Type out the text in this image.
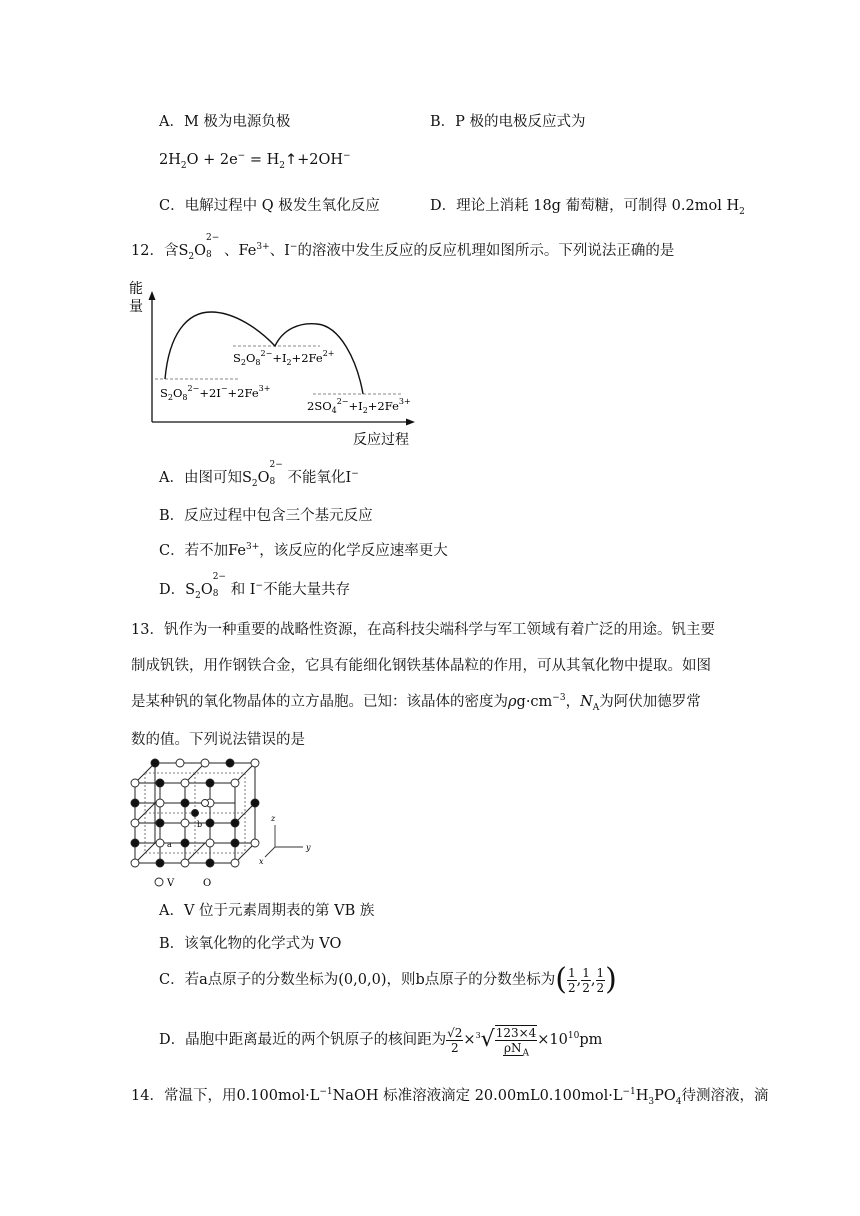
A．M 极为电源负极	B．P 极的电极反应式为
$2H_2O + 2e^-$ = $H_2↑+2OH^-$
C．电解过程中 Q 极发生氧化反应	D．理论上消耗 18g 葡萄糖，可制得 0.2mol $H_2$
12．含$S_2O$
2−
8 、$Fe^{3+}$、I−的溶液中发生反应的反应机理如图所示。下列说法正确的是
能
量
反应过程
$S_2O_8^{2-}+I_2+2Fe^{2+}$
$S_2O_8^{2-}+2I^-+2Fe^{3+}$
$2SO_4^{2-}+I_2+2Fe^{3+}$
A．由图可知$S_2O$
2−
8 不能氧化I−
B．反应过程中包含三个基元反应
C．若不加$Fe^{3+}$，该反应的化学反应速率更大
D．$S_2O$
2−
8 和 I−不能大量共存
13．钒作为一种重要的战略性资源，在高科技尖端科学与军工领域有着广泛的用途。钒主要
制成钒铁，用作钢铁合金，它具有能细化钢铁基体晶粒的作用，可从其氧化物中提取。如图
是某种钒的氧化物晶体的立方晶胞。已知：该晶体的密度为$\rho g\cdot cm^{-3}$，$N_A$为阿伏加德罗常
数的值。下列说法错误的是
b
a
z
y
x
V	O
A．V 位于元素周期表的第 VB 族
B．该氧化物的化学式为 VO
C．若a点原子的分数坐标为(0,0,0)，则b点原子的分数坐标为( $\frac{1}{2}$ , $\frac{1}{2}$ , $\frac{1}{2}$ )
D．晶胞中距离最近的两个钒原子的核间距为 $\frac{√2}{2} \times^3√ \frac{123\times 4}{\rho N_A} \times 10^{10}pm$
14．常温下，用$0.100mol\cdot L^{-1}NaOH$ 标准溶液滴定 $20.00mL0.100mol\cdot L^{-1}H_3PO_4$待测溶液，滴
